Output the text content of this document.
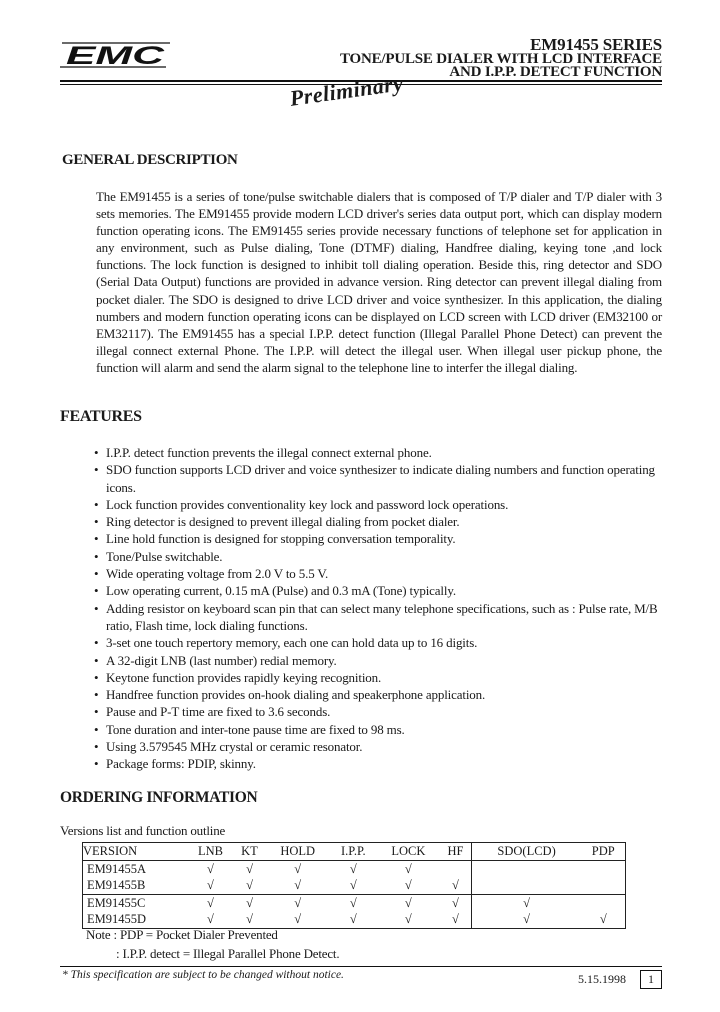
EMC	EM91455 SERIES
TONE/PULSE DIALER WITH LCD INTERFACE
AND I.P.P. DETECT FUNCTION
Preliminary
GENERAL DESCRIPTION
The EM91455 is a series of tone/pulse switchable dialers that is composed of T/P dialer and T/P dialer with 3 sets memories. The EM91455 provide modern LCD driver's series data output port, which can display modern function operating icons. The EM91455 series provide necessary functions of telephone set for application in any environment, such as Pulse dialing, Tone (DTMF) dialing, Handfree dialing, keying tone ,and lock functions. The lock function is designed to inhibit toll dialing operation. Beside this, ring detector and SDO (Serial Data Output) functions are provided in advance version. Ring detector can prevent illegal dialing from pocket dialer. The SDO is designed to drive LCD driver and voice synthesizer. In this application, the dialing numbers and modern function operating icons can be displayed on LCD screen with LCD driver (EM32100 or EM32117). The EM91455 has a special I.P.P. detect function (Illegal Parallel Phone Detect) can prevent the illegal connect external Phone. The I.P.P. will detect the illegal user. When illegal user pickup phone, the function will alarm and send the alarm signal to the telephone line to interfer the illegal dialing.
FEATURES
• I.P.P. detect function prevents the illegal connect external phone.
• SDO function supports LCD driver and voice synthesizer to indicate dialing numbers and function operating icons.
• Lock function provides conventionality key lock and password lock operations.
• Ring detector is designed to prevent illegal dialing from pocket dialer.
• Line hold function is designed for stopping conversation temporality.
• Tone/Pulse switchable.
• Wide operating voltage from 2.0 V to 5.5 V.
• Low operating current, 0.15 mA (Pulse) and 0.3 mA (Tone) typically.
• Adding resistor on keyboard scan pin that can select many telephone specifications, such as : Pulse rate, M/B ratio, Flash time, lock dialing functions.
• 3-set one touch repertory memory, each one can hold data up to 16 digits.
• A 32-digit LNB (last number) redial memory.
• Keytone function provides rapidly keying recognition.
• Handfree function provides on-hook dialing and speakerphone application.
• Pause and P-T time are fixed to 3.6 seconds.
• Tone duration and inter-tone pause time are fixed to 98 ms.
• Using 3.579545 MHz crystal or ceramic resonator.
• Package forms: PDIP, skinny.
ORDERING INFORMATION
Versions list and function outline
VERSION	LNB	KT	HOLD	I.P.P.	LOCK	HF	SDO(LCD)	PDP
EM91455A	√	√	√	√	√			
EM91455B	√	√	√	√	√	√		
EM91455C	√	√	√	√	√	√	√	
EM91455D	√	√	√	√	√	√	√	√
Note : PDP = Pocket Dialer Prevented
: I.P.P. detect = Illegal Parallel Phone Detect.
* This specification are subject to be changed without notice.	5.15.1998	1
